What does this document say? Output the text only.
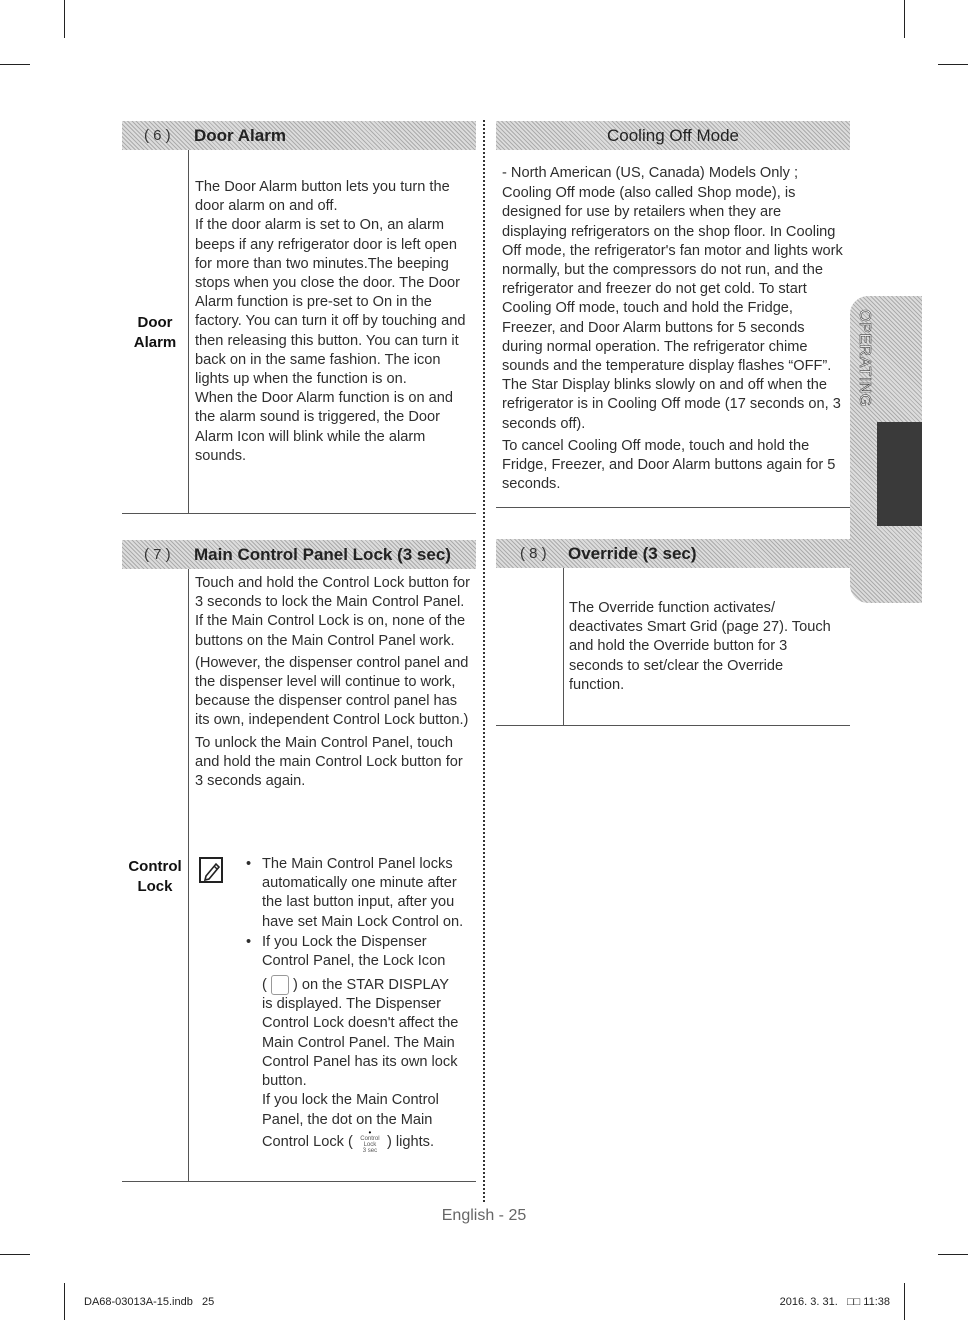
( 6 )	Door Alarm
Door
Alarm

The Door Alarm button lets you turn the door alarm on and off.

If the door alarm is set to On, an alarm beeps if any refrigerator door is left open for more than two minutes.The beeping stops when you close the door. The Door Alarm function is pre-set to On in the factory. You can turn it off by touching and then releasing this button. You can turn it back on in the same fashion. The icon lights up when the function is on.

When the Door Alarm function is on and the alarm sound is triggered, the Door Alarm Icon will blink while the alarm sounds.

( 7 )	Main Control Panel Lock (3 sec)
Control
Lock

Touch and hold the Control Lock button for 3 seconds to lock the Main Control Panel. If the Main Control Lock is on, none of the buttons on the Main Control Panel work.

(However, the dispenser control panel and the dispenser level will continue to work, because the dispenser control panel has its own, independent Control Lock button.)

To unlock the Main Control Panel, touch and hold the main Control Lock button for 3 seconds again.

• The Main Control Panel locks automatically one minute after the last button input, after you have set Main Lock Control on.
• If you Lock the Dispenser Control Panel, the Lock Icon
(  ) on the STAR DISPLAY
is displayed. The Dispenser Control Lock doesn't affect the Main Control Panel. The Main Control Panel has its own lock button.
If you lock the Main Control Panel, the dot on the Main
Control Lock (
•
Control
Lock
3 sec
) lights.
Cooling Off Mode

- North American (US, Canada) Models Only ;

Cooling Off mode (also called Shop mode), is designed for use by retailers when they are displaying refrigerators on the shop floor. In Cooling Off mode, the refrigerator's fan motor and lights work normally, but the compressors do not run, and the refrigerator and freezer do not get cold. To start Cooling Off mode, touch and hold the Fridge, Freezer, and Door Alarm buttons for 5 seconds during normal operation. The refrigerator chime sounds and the temperature display flashes “OFF”. The Star Display blinks slowly on and off when the refrigerator is in Cooling Off mode (17 seconds on, 3 seconds off).

To cancel Cooling Off mode, touch and hold the Fridge, Freezer, and Door Alarm buttons again for 5 seconds.

( 8 )	Override (3 sec)

The Override function activates/ deactivates Smart Grid (page 27). Touch and hold the Override button for 3 seconds to set/clear the Override function.

OPERATING
English - 25
DA68-03013A-15.indb   25	2016. 3. 31.   □□ 11:38
